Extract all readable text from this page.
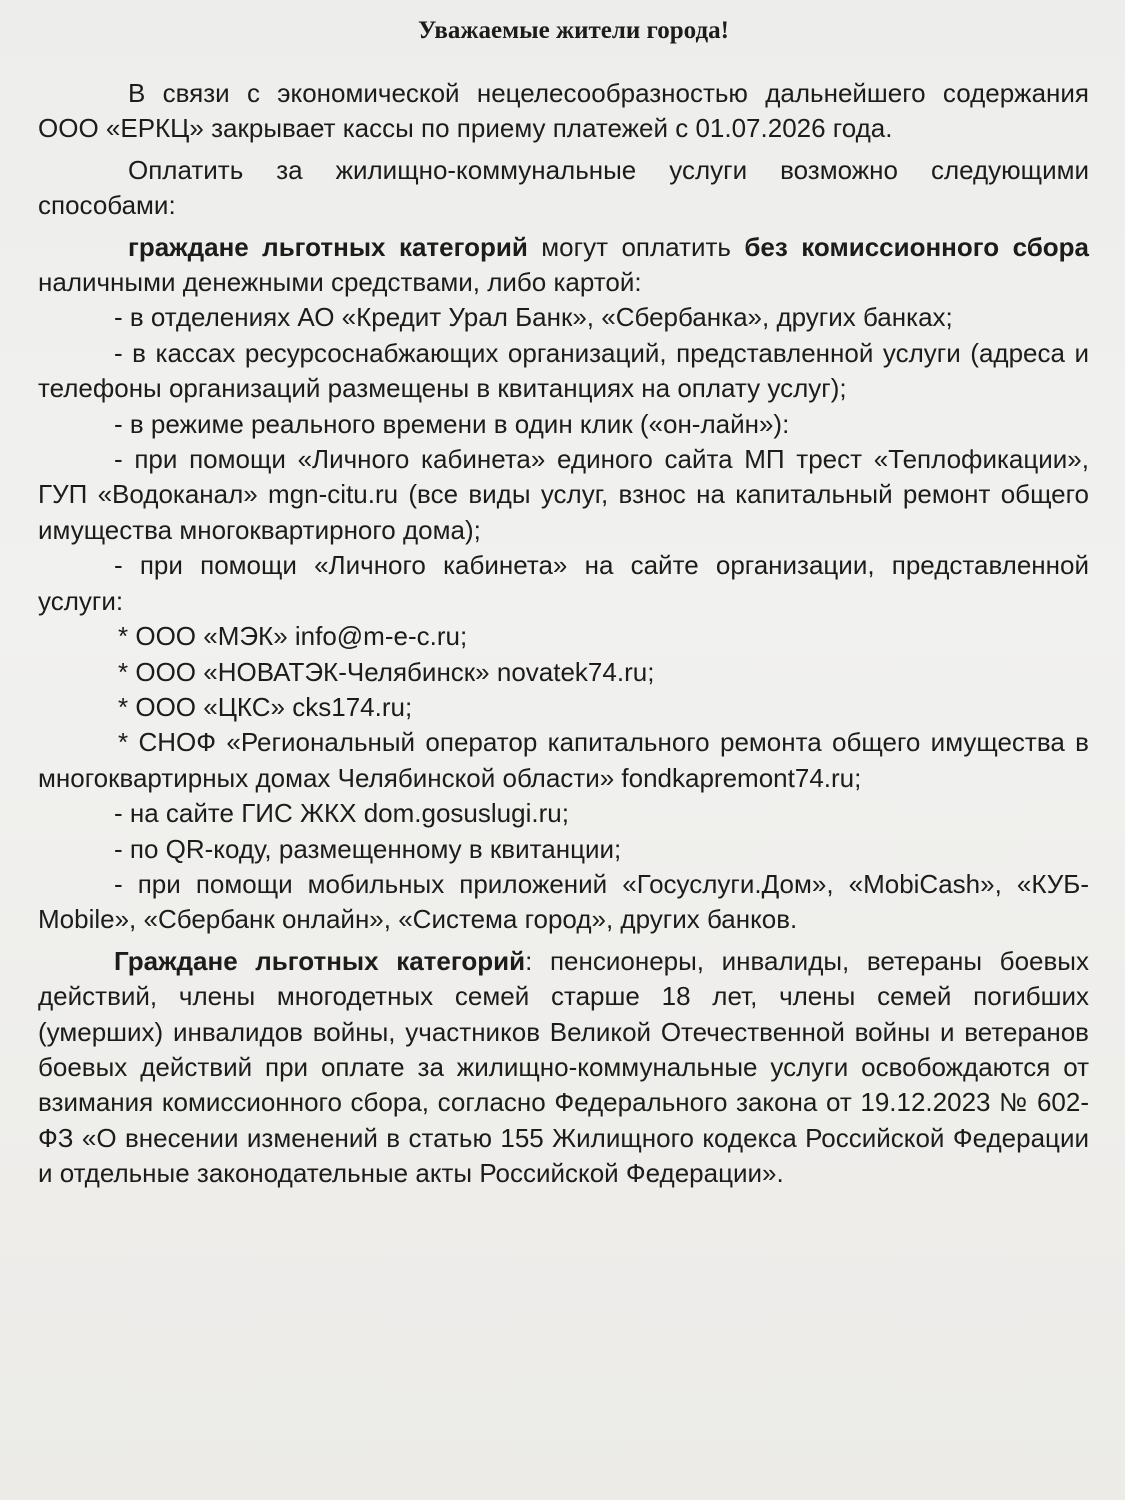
Уважаемые жители города!

В связи с экономической нецелесообразностью дальнейшего содержания ООО «ЕРКЦ» закрывает кассы по приему платежей с 01.07.2026 года.

Оплатить за жилищно-коммунальные услуги возможно следующими способами:

граждане льготных категорий могут оплатить без комиссионного сбора наличными денежными средствами, либо картой:

- в отделениях АО «Кредит Урал Банк», «Сбербанка», других банках;

- в кассах ресурсоснабжающих организаций, представленной услуги (адреса и телефоны организаций размещены в квитанциях на оплату услуг);

- в режиме реального времени в один клик («он-лайн»):

- при помощи «Личного кабинета» единого сайта МП трест «Теплофикации», ГУП «Водоканал» mgn-citu.ru (все виды услуг, взнос на капитальный ремонт общего имущества многоквартирного дома);

- при помощи «Личного кабинета» на сайте организации, представленной услуги:

* ООО «МЭК» info@m-e-c.ru;

* ООО «НОВАТЭК-Челябинск» novatek74.ru;

* ООО «ЦКС» cks174.ru;

* СНОФ «Региональный оператор капитального ремонта общего имущества в многоквартирных домах Челябинской области» fondkapremont74.ru;

- на сайте ГИС ЖКХ dom.gosuslugi.ru;

- по QR-коду, размещенному в квитанции;

- при помощи мобильных приложений «Госуслуги.Дом», «MobiCash», «КУБ-Mobile», «Сбербанк онлайн», «Система город», других банков.

Граждане льготных категорий: пенсионеры, инвалиды, ветераны боевых действий, члены многодетных семей старше 18 лет, члены семей погибших (умерших) инвалидов войны, участников Великой Отечественной войны и ветеранов боевых действий при оплате за жилищно-коммунальные услуги освобождаются от взимания комиссионного сбора, согласно Федерального закона от 19.12.2023 № 602-ФЗ «О внесении изменений в статью 155 Жилищного кодекса Российской Федерации и отдельные законодательные акты Российской Федерации».
